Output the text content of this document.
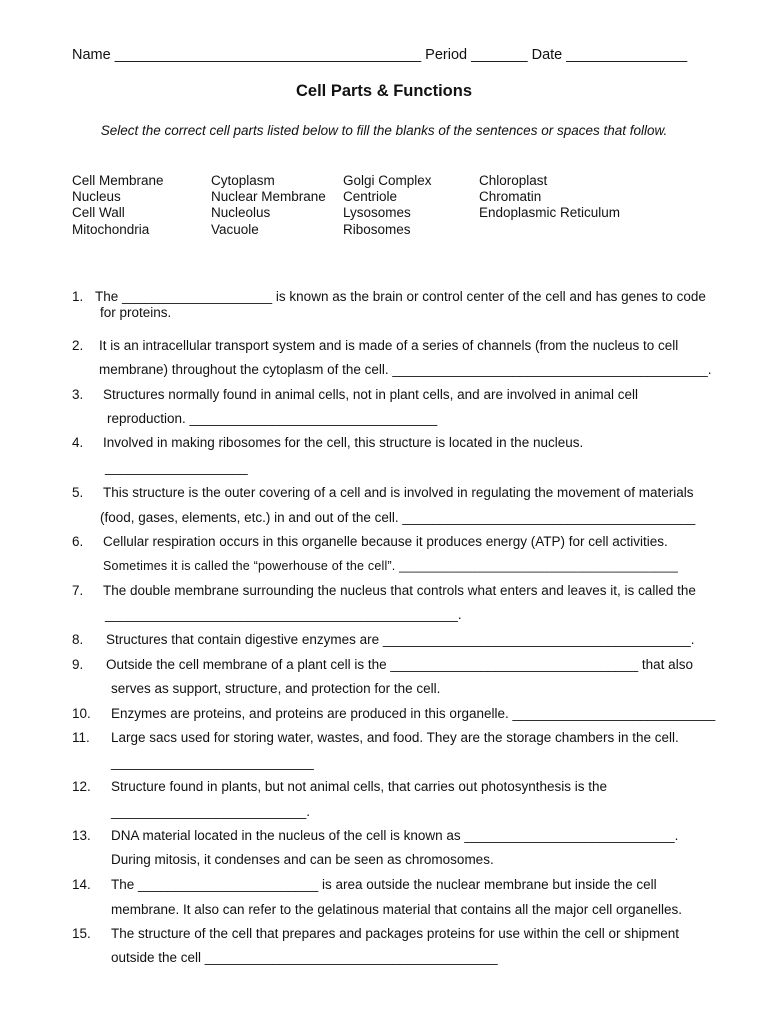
Name ______________________________________ Period _______ Date _______________
Cell Parts & Functions
Select the correct cell parts listed below to fill the blanks of the sentences or spaces that follow.
Cell Membrane
Nucleus
Cell Wall
Mitochondria
Cytoplasm
Nuclear Membrane
Nucleolus
Vacuole
Golgi Complex
Centriole
Lysosomes
Ribosomes
Chloroplast
Chromatin
Endoplasmic Reticulum
1. The ____________________ is known as the brain or control center of the cell and has genes to code
for proteins.
2. It is an intracellular transport system and is made of a series of channels (from the nucleus to cell
membrane) throughout the cytoplasm of the cell. __________________________________________.
3. Structures normally found in animal cells, not in plant cells, and are involved in animal cell
reproduction. _________________________________
4. Involved in making ribosomes for the cell, this structure is located in the nucleus.
___________________
5. This structure is the outer covering of a cell and is involved in regulating the movement of materials
(food, gases, elements, etc.) in and out of the cell. _______________________________________
6. Cellular respiration occurs in this organelle because it produces energy (ATP) for cell activities.
Sometimes it is called the “powerhouse of the cell”. _______________________________________
7. The double membrane surrounding the nucleus that controls what enters and leaves it, is called the
_______________________________________________.
8. Structures that contain digestive enzymes are _________________________________________.
9. Outside the cell membrane of a plant cell is the _________________________________ that also
serves as support, structure, and protection for the cell.
10. Enzymes are proteins, and proteins are produced in this organelle. ___________________________
11. Large sacs used for storing water, wastes, and food. They are the storage chambers in the cell.
___________________________
12. Structure found in plants, but not animal cells, that carries out photosynthesis is the
__________________________.
13. DNA material located in the nucleus of the cell is known as ____________________________.
During mitosis, it condenses and can be seen as chromosomes.
14. The ________________________ is area outside the nuclear membrane but inside the cell
membrane. It also can refer to the gelatinous material that contains all the major cell organelles.
15. The structure of the cell that prepares and packages proteins for use within the cell or shipment
outside the cell _______________________________________
